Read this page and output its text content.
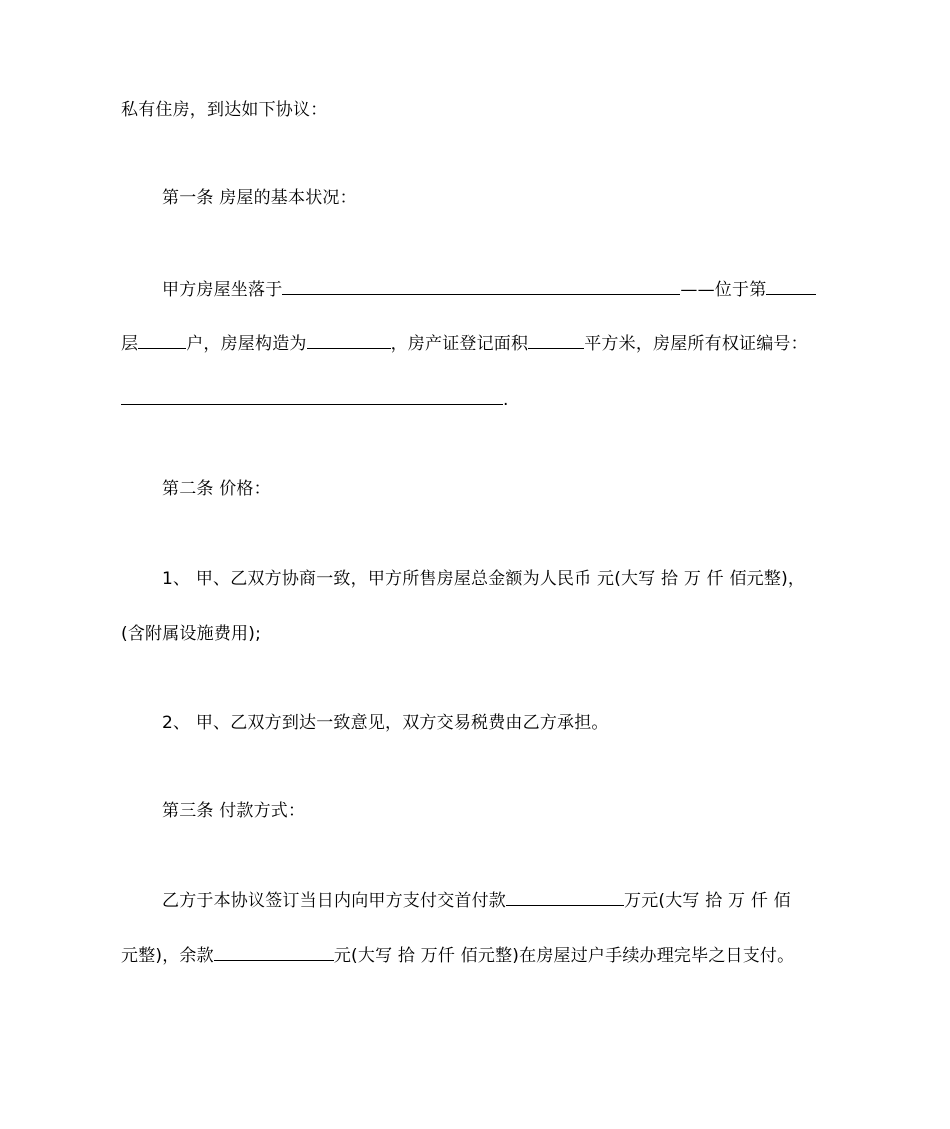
私有住房，到达如下协议：
第一条 房屋的基本状况：
甲方房屋坐落于	——位于第
层	户，房屋构造为	，房产证登记面积	平方米，房屋所有权证编号：
.
第二条 价格：
1、 甲、乙双方协商一致，甲方所售房屋总金额为人民币 元(大写 拾 万 仟 佰元整)，
(含附属设施费用);
2、 甲、乙双方到达一致意见，双方交易税费由乙方承担。
第三条 付款方式：
乙方于本协议签订当日内向甲方支付交首付款	万元(大写 拾 万 仟 佰
元整)，余款	元(大写 拾 万仟 佰元整)在房屋过户手续办理完毕之日支付。
